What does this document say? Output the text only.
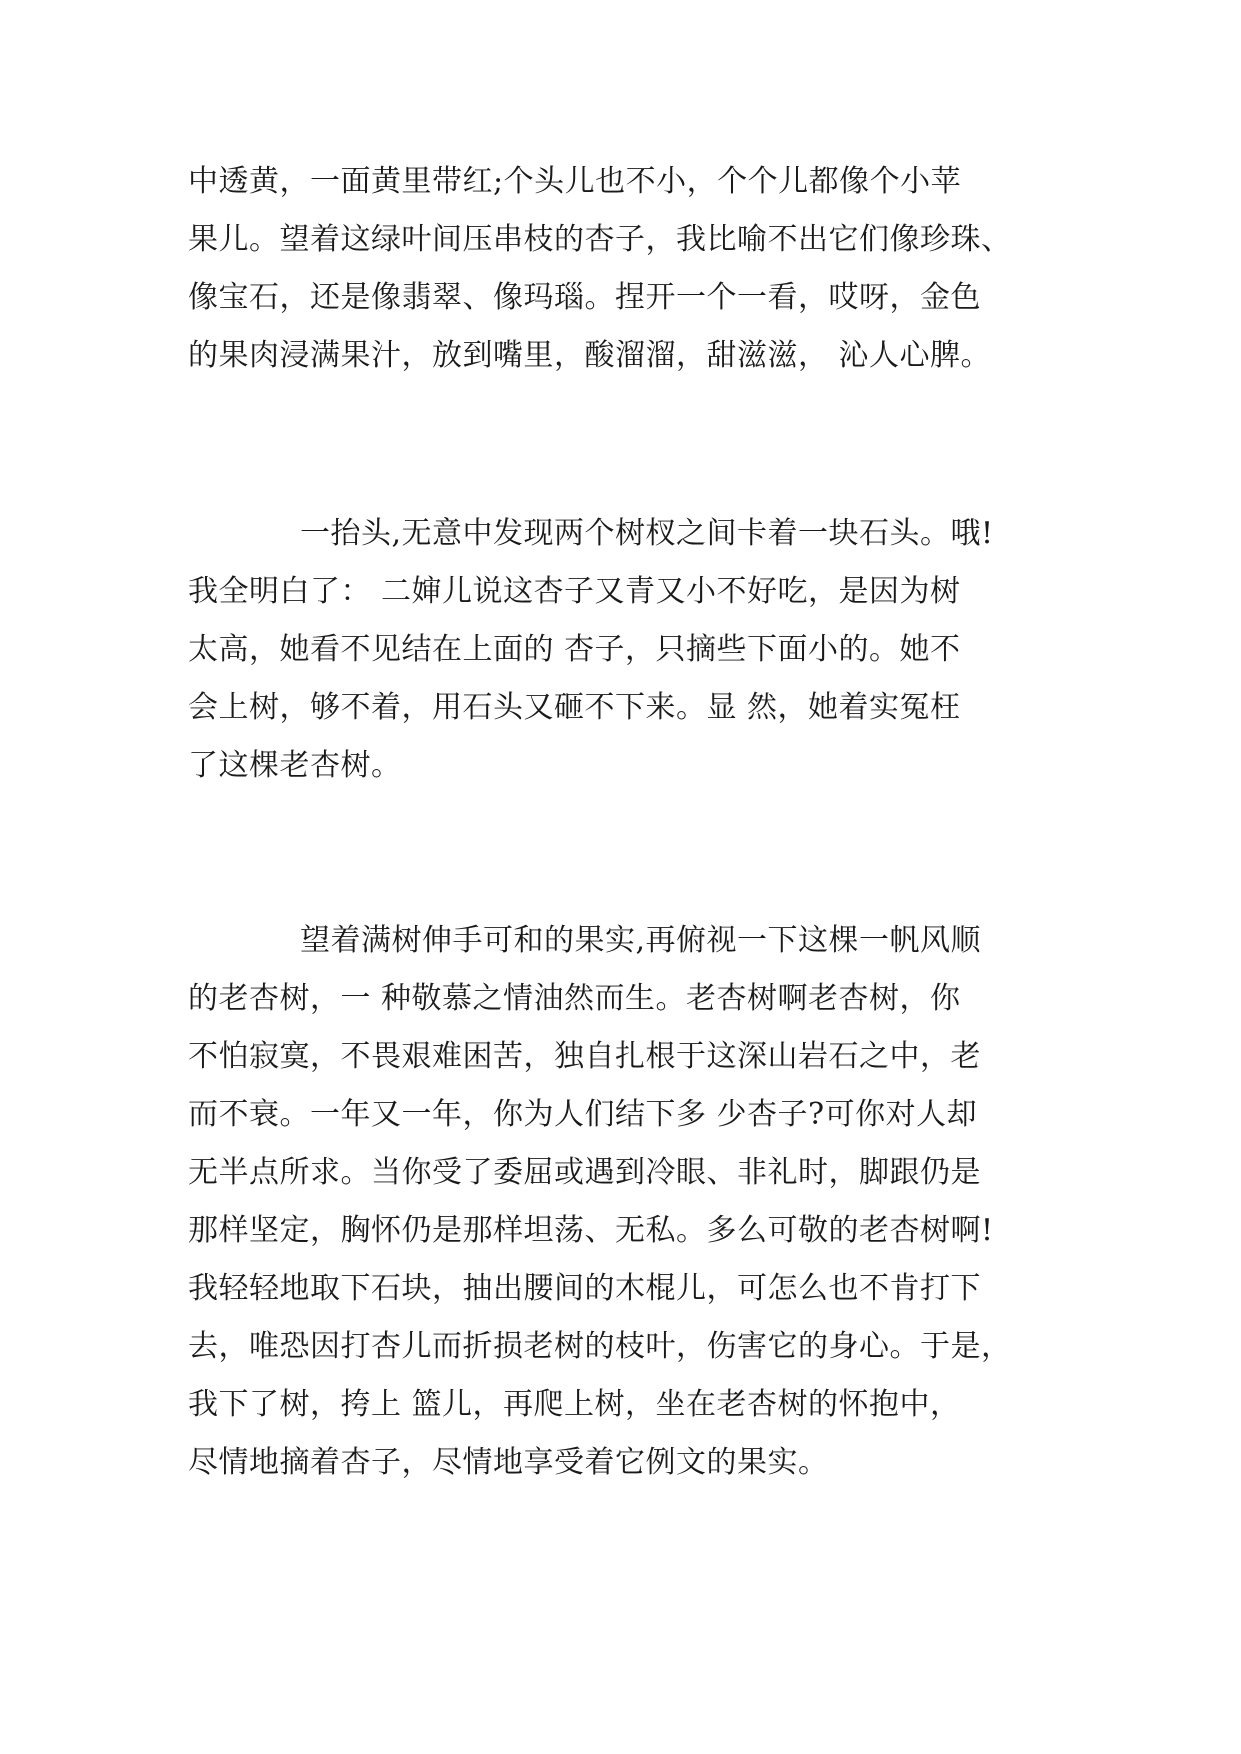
中透黄，一面黄里带红;个头儿也不小，个个儿都像个小苹
果儿。望着这绿叶间压串枝的杏子，我比喻不出它们像珍珠、
像宝石，还是像翡翠、像玛瑙。捏开一个一看，哎呀，金色
的果肉浸满果汁，放到嘴里，酸溜溜，甜滋滋， 沁人心脾。
一抬头,无意中发现两个树杈之间卡着一块石头。哦!
我全明白了： 二婶儿说这杏子又青又小不好吃，是因为树
太高，她看不见结在上面的 杏子，只摘些下面小的。她不
会上树，够不着，用石头又砸不下来。显 然，她着实冤枉
了这棵老杏树。
望着满树伸手可和的果实,再俯视一下这棵一帆风顺
的老杏树，一 种敬慕之情油然而生。老杏树啊老杏树，你
不怕寂寞，不畏艰难困苦，独自扎根于这深山岩石之中，老
而不衰。一年又一年，你为人们结下多 少杏子?可你对人却
无半点所求。当你受了委屈或遇到冷眼、非礼时，脚跟仍是
那样坚定，胸怀仍是那样坦荡、无私。多么可敬的老杏树啊!
我轻轻地取下石块，抽出腰间的木棍儿，可怎么也不肯打下
去，唯恐因打杏儿而折损老树的枝叶，伤害它的身心。于是，
我下了树，挎上 篮儿，再爬上树，坐在老杏树的怀抱中，
尽情地摘着杏子，尽情地享受着它例文的果实。
